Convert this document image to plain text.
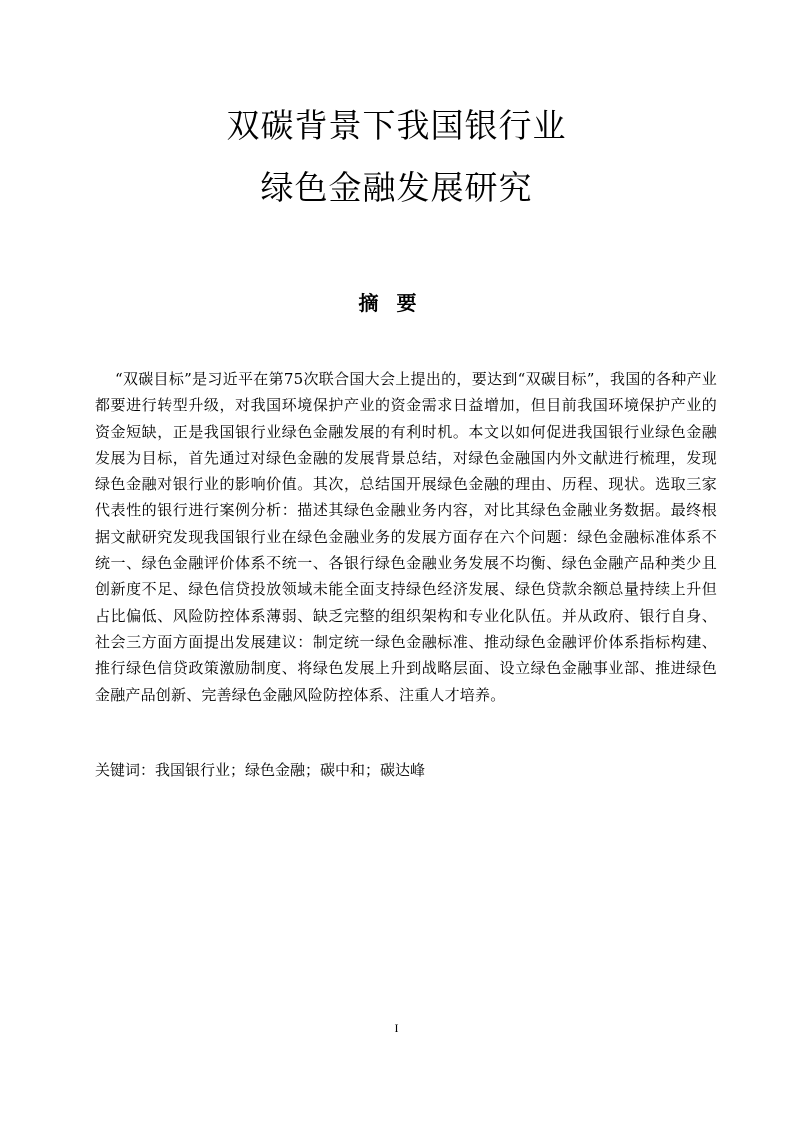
双碳背景下我国银行业
绿色金融发展研究
摘要
“双碳目标”是习近平在第75次联合国大会上提出的，要达到“双碳目标”，我国的各种产业都要进行转型升级，对我国环境保护产业的资金需求日益增加，但目前我国环境保护产业的资金短缺，正是我国银行业绿色金融发展的有利时机。本文以如何促进我国银行业绿色金融发展为目标，首先通过对绿色金融的发展背景总结，对绿色金融国内外文献进行梳理，发现绿色金融对银行业的影响价值。其次，总结国开展绿色金融的理由、历程、现状。选取三家代表性的银行进行案例分析：描述其绿色金融业务内容，对比其绿色金融业务数据。最终根据文献研究发现我国银行业在绿色金融业务的发展方面存在六个问题：绿色金融标准体系不统一、绿色金融评价体系不统一、各银行绿色金融业务发展不均衡、绿色金融产品种类少且创新度不足、绿色信贷投放领域未能全面支持绿色经济发展、绿色贷款余额总量持续上升但占比偏低、风险防控体系薄弱、缺乏完整的组织架构和专业化队伍。并从政府、银行自身、社会三方面方面提出发展建议：制定统一绿色金融标准、推动绿色金融评价体系指标构建、推行绿色信贷政策激励制度、将绿色发展上升到战略层面、设立绿色金融事业部、推进绿色金融产品创新、完善绿色金融风险防控体系、注重人才培养。
关键词：我国银行业；绿色金融；碳中和；碳达峰
I
